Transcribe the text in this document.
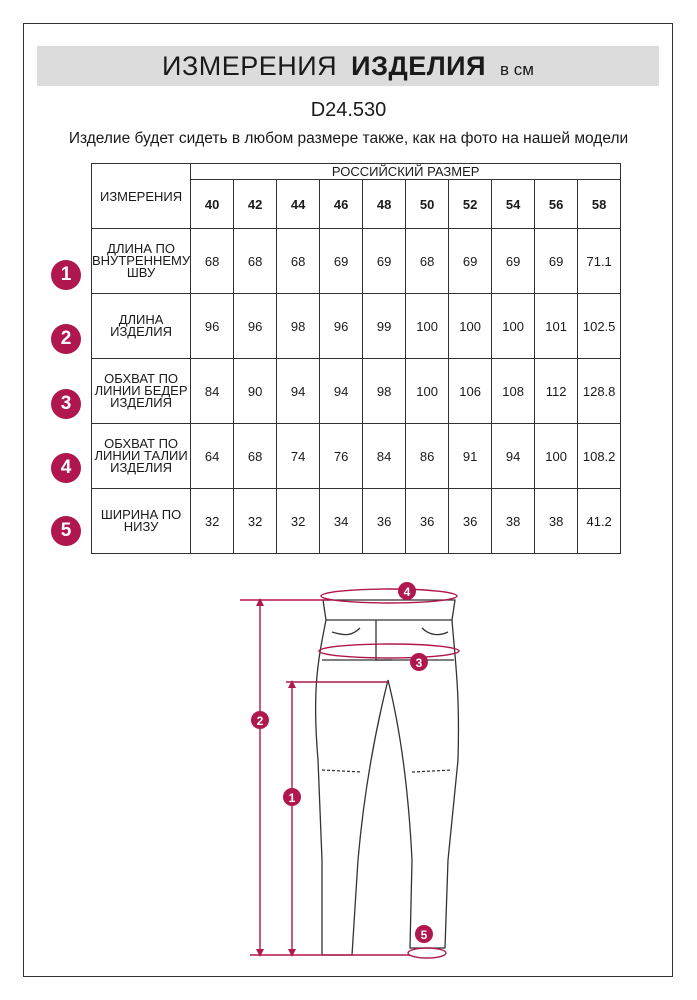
ИЗМЕРЕНИЯ ИЗДЕЛИЯ в см
D24.530
Изделие будет сидеть в любом размере также, как на фото на нашей модели
ИЗМЕРЕНИЯ	РОССИЙСКИЙ РАЗМЕР									
	40	42	44	46	48	50	52	54	56	58
ДЛИНА ПО
ВНУТРЕННЕМУ
ШВУ	68	68	68	69	69	68	69	69	69	71.1
ДЛИНА
ИЗДЕЛИЯ	96	96	98	96	99	100	100	100	101	102.5
ОБХВАТ ПО
ЛИНИИ БЕДЕР
ИЗДЕЛИЯ	84	90	94	94	98	100	106	108	112	128.8
ОБХВАТ ПО
ЛИНИИ ТАЛИИ
ИЗДЕЛИЯ	64	68	74	76	84	86	91	94	100	108.2
ШИРИНА ПО
НИЗУ	32	32	32	34	36	36	36	38	38	41.2
1
2
3
4
5
4
3
2
1
5
